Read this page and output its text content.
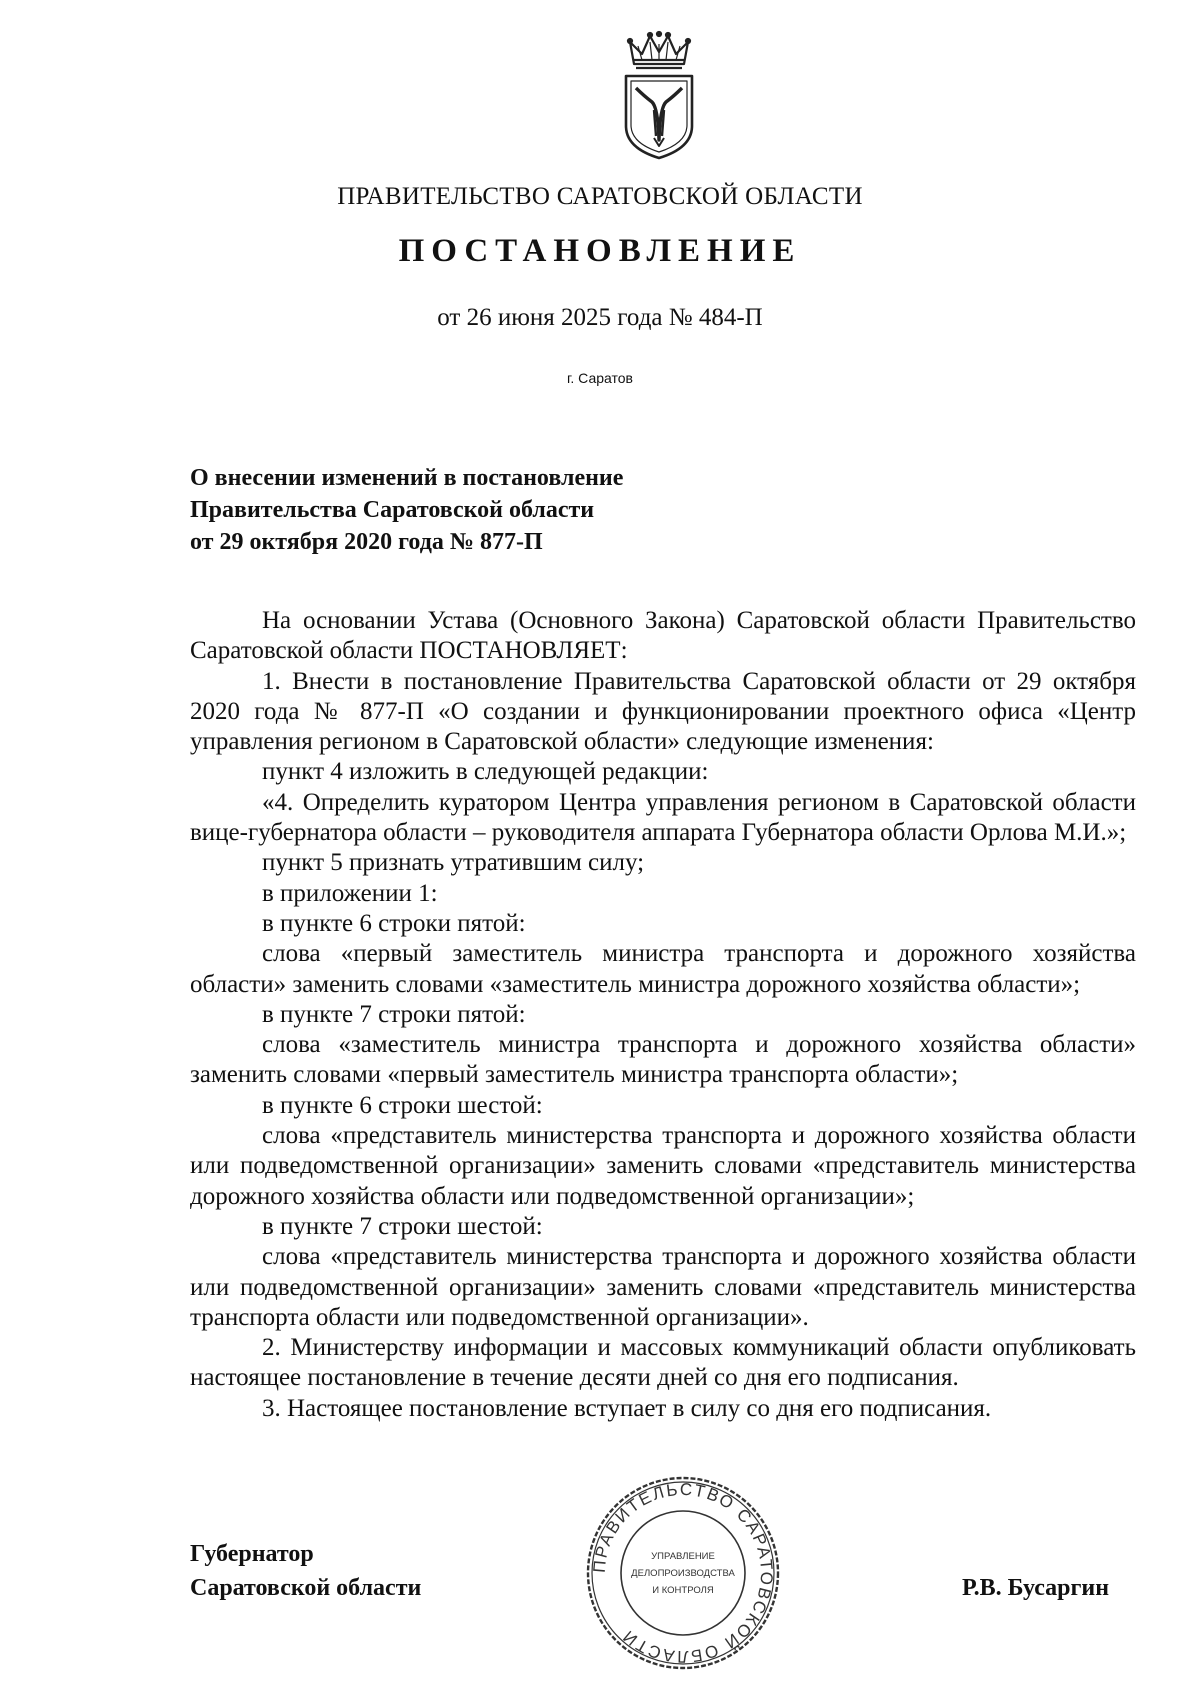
ПРАВИТЕЛЬСТВО САРАТОВСКОЙ ОБЛАСТИ
ПОСТАНОВЛЕНИЕ
от 26 июня 2025 года № 484-П
г. Саратов
О внесении изменений в постановление
Правительства Саратовской области
от 29 октября 2020 года № 877-П

На основании Устава (Основного Закона) Саратовской области Правительство Саратовской области ПОСТАНОВЛЯЕТ:

1. Внести в постановление Правительства Саратовской области от 29 октября 2020 года № 877-П «О создании и функционировании проектного офиса «Центр управления регионом в Саратовской области» следующие изменения:

пункт 4 изложить в следующей редакции:

«4. Определить куратором Центра управления регионом в Саратовской области вице-губернатора области – руководителя аппарата Губернатора области Орлова М.И.»;

пункт 5 признать утратившим силу;

в приложении 1:

в пункте 6 строки пятой:

слова «первый заместитель министра транспорта и дорожного хозяйства области» заменить словами «заместитель министра дорожного хозяйства области»;

в пункте 7 строки пятой:

слова «заместитель министра транспорта и дорожного хозяйства области» заменить словами «первый заместитель министра транспорта области»;

в пункте 6 строки шестой:

слова «представитель министерства транспорта и дорожного хозяйства области или подведомственной организации» заменить словами «представитель министерства дорожного хозяйства области или подведомственной организации»;

в пункте 7 строки шестой:

слова «представитель министерства транспорта и дорожного хозяйства области или подведомственной организации» заменить словами «представитель министерства транспорта области или подведомственной организации».

2. Министерству информации и массовых коммуникаций области опубликовать настоящее постановление в течение десяти дней со дня его подписания.

3. Настоящее постановление вступает в силу со дня его подписания.

Губернатор
Саратовской области	Р.В. Бусаргин
ПРАВИТЕЛЬСТВО САРАТОВСКОЙ ОБЛАСТИ
УПРАВЛЕНИЕ
ДЕЛОПРОИЗВОДСТВА
И КОНТРОЛЯ
